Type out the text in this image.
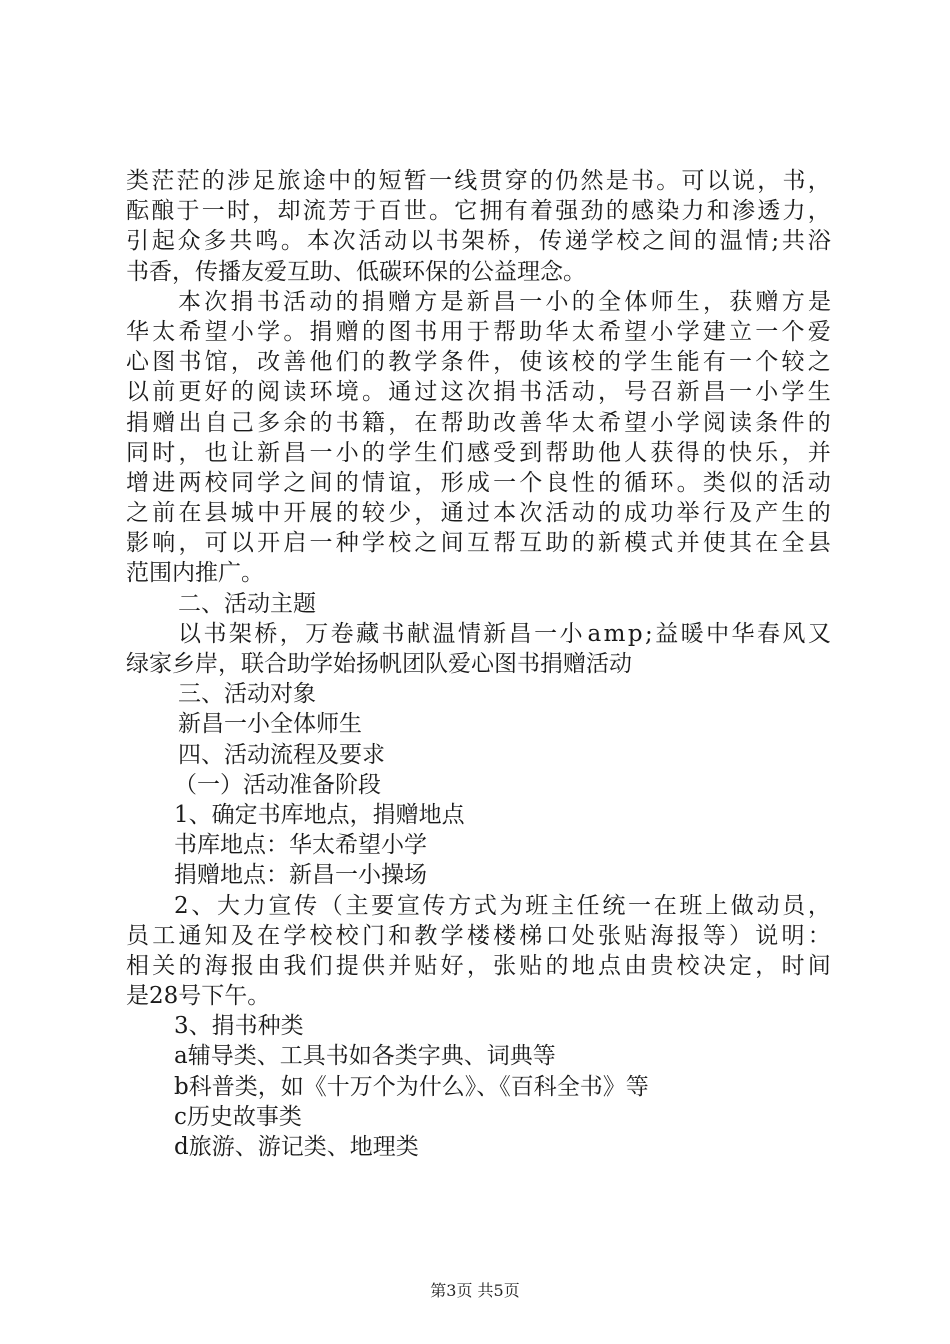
类 茫 茫 的 涉 足 旅 途 中 的 短 暂 一 线 贯 穿 的 仍 然 是 书 。 可 以 说 ， 书 ，
酝 酿 于 一 时 ， 却 流 芳 于 百 世 。 它 拥 有 着 强 劲 的 感 染 力 和 渗 透 力 ，
引 起 众 多 共 鸣 。 本 次 活 动 以 书 架 桥 ， 传 递 学 校 之 间 的 温 情 ; 共 浴
书香，传播友爱互助、低碳环保的公益理念。
本 次 捐 书 活 动 的 捐 赠 方 是 新 昌 一 小 的 全 体 师 生 ， 获 赠 方 是
华 太 希 望 小 学 。 捐 赠 的 图 书 用 于 帮 助 华 太 希 望 小 学 建 立 一 个 爱
心 图 书 馆 ， 改 善 他 们 的 教 学 条 件 ， 使 该 校 的 学 生 能 有 一 个 较 之
以 前 更 好 的 阅 读 环 境 。 通 过 这 次 捐 书 活 动 ， 号 召 新 昌 一 小 学 生
捐 赠 出 自 己 多 余 的 书 籍 ， 在 帮 助 改 善 华 太 希 望 小 学 阅 读 条 件 的
同 时 ， 也 让 新 昌 一 小 的 学 生 们 感 受 到 帮 助 他 人 获 得 的 快 乐 ， 并
增 进 两 校 同 学 之 间 的 情 谊 ， 形 成 一 个 良 性 的 循 环 。 类 似 的 活 动
之 前 在 县 城 中 开 展 的 较 少 ， 通 过 本 次 活 动 的 成 功 举 行 及 产 生 的
影 响 ， 可 以 开 启 一 种 学 校 之 间 互 帮 互 助 的 新 模 式 并 使 其 在 全 县
范围内推广。
二、活动主题
以 书 架 桥 ， 万 卷 藏 书 献 温 情 新 昌 一 小 a m p ; 益 暖 中 华 春 风 又
绿家乡岸，联合助学始扬帆团队爱心图书捐赠活动
三、活动对象
新昌一小全体师生
四、活动流程及要求
（一）活动准备阶段
1、确定书库地点，捐赠地点
书库地点：华太希望小学
捐赠地点：新昌一小操场
2 、 大 力 宣 传 （ 主 要 宣 传 方 式 为 班 主 任 统 一 在 班 上 做 动 员 ，
员 工 通 知 及 在 学 校 校 门 和 教 学 楼 楼 梯 口 处 张 贴 海 报 等 ） 说 明 ：
相 关 的 海 报 由 我 们 提 供 并 贴 好 ， 张 贴 的 地 点 由 贵 校 决 定 ， 时 间
是28号下午。
3、捐书种类
a辅导类、工具书如各类字典、词典等
b科普类，如《十万个为什么》、《百科全书》等
c历史故事类
d旅游、游记类、地理类
第3页 共5页
